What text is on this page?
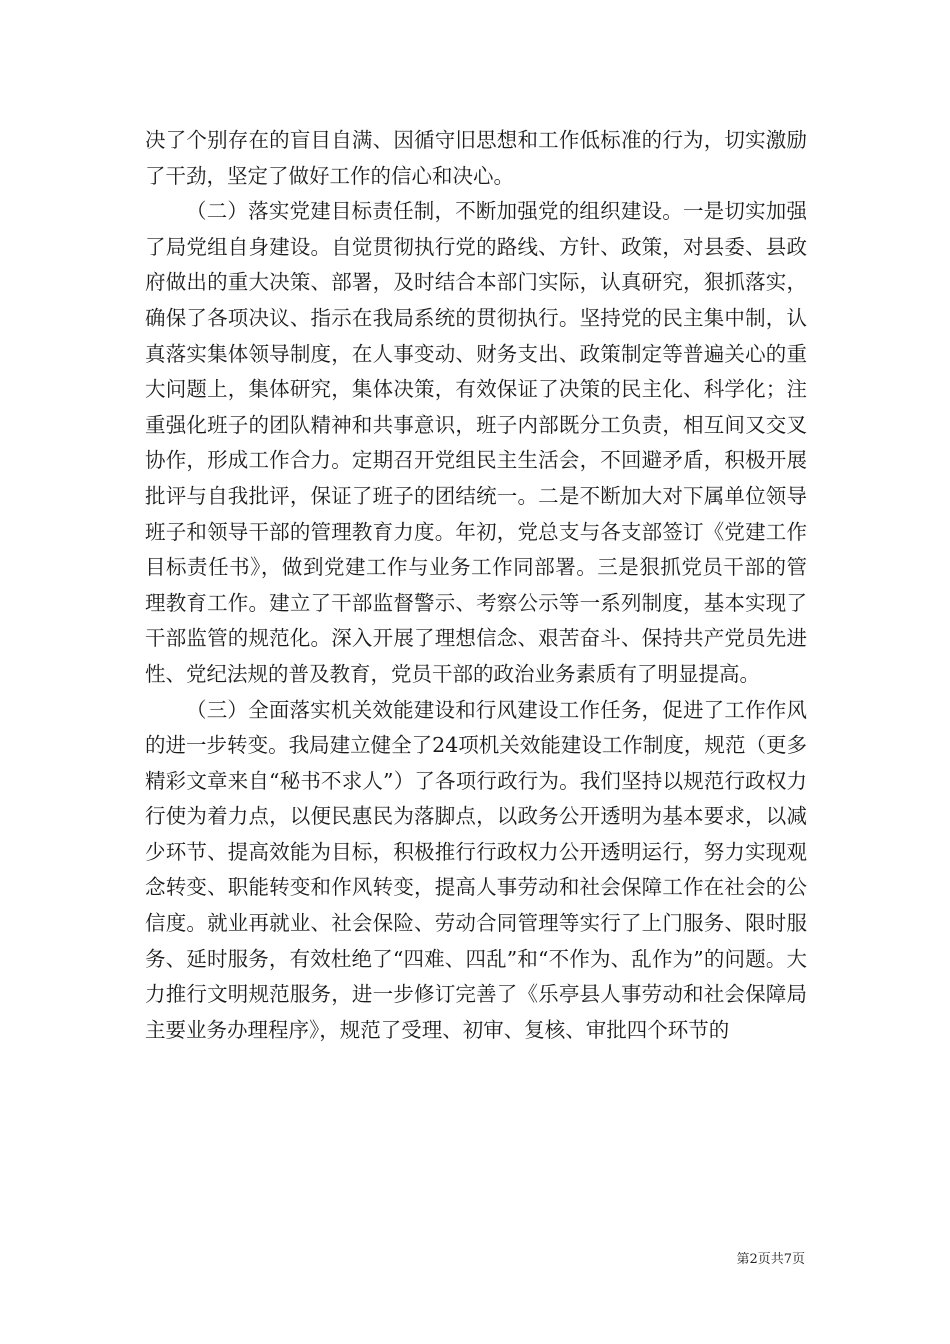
决了个别存在的盲目自满、因循守旧思想和工作低标准的行为，切实激励了干劲，坚定了做好工作的信心和决心。

（二）落实党建目标责任制，不断加强党的组织建设。一是切实加强了局党组自身建设。自觉贯彻执行党的路线、方针、政策，对县委、县政府做出的重大决策、部署，及时结合本部门实际，认真研究，狠抓落实，确保了各项决议、指示在我局系统的贯彻执行。坚持党的民主集中制，认真落实集体领导制度，在人事变动、财务支出、政策制定等普遍关心的重大问题上，集体研究，集体决策，有效保证了决策的民主化、科学化；注重强化班子的团队精神和共事意识，班子内部既分工负责，相互间又交叉协作，形成工作合力。定期召开党组民主生活会，不回避矛盾，积极开展批评与自我批评，保证了班子的团结统一。二是不断加大对下属单位领导班子和领导干部的管理教育力度。年初，党总支与各支部签订《党建工作目标责任书》，做到党建工作与业务工作同部署。三是狠抓党员干部的管理教育工作。建立了干部监督警示、考察公示等一系列制度，基本实现了干部监管的规范化。深入开展了理想信念、艰苦奋斗、保持共产党员先进性、党纪法规的普及教育，党员干部的政治业务素质有了明显提高。

（三）全面落实机关效能建设和行风建设工作任务，促进了工作作风的进一步转变。我局建立健全了24项机关效能建设工作制度，规范（更多精彩文章来自“秘书不求人”）了各项行政行为。我们坚持以规范行政权力行使为着力点，以便民惠民为落脚点，以政务公开透明为基本要求，以减少环节、提高效能为目标，积极推行行政权力公开透明运行，努力实现观念转变、职能转变和作风转变，提高人事劳动和社会保障工作在社会的公信度。就业再就业、社会保险、劳动合同管理等实行了上门服务、限时服务、延时服务，有效杜绝了“四难、四乱”和“不作为、乱作为”的问题。大力推行文明规范服务，进一步修订完善了《乐亭县人事劳动和社会保障局主要业务办理程序》，规范了受理、初审、复核、审批四个环节的

第2页共7页
